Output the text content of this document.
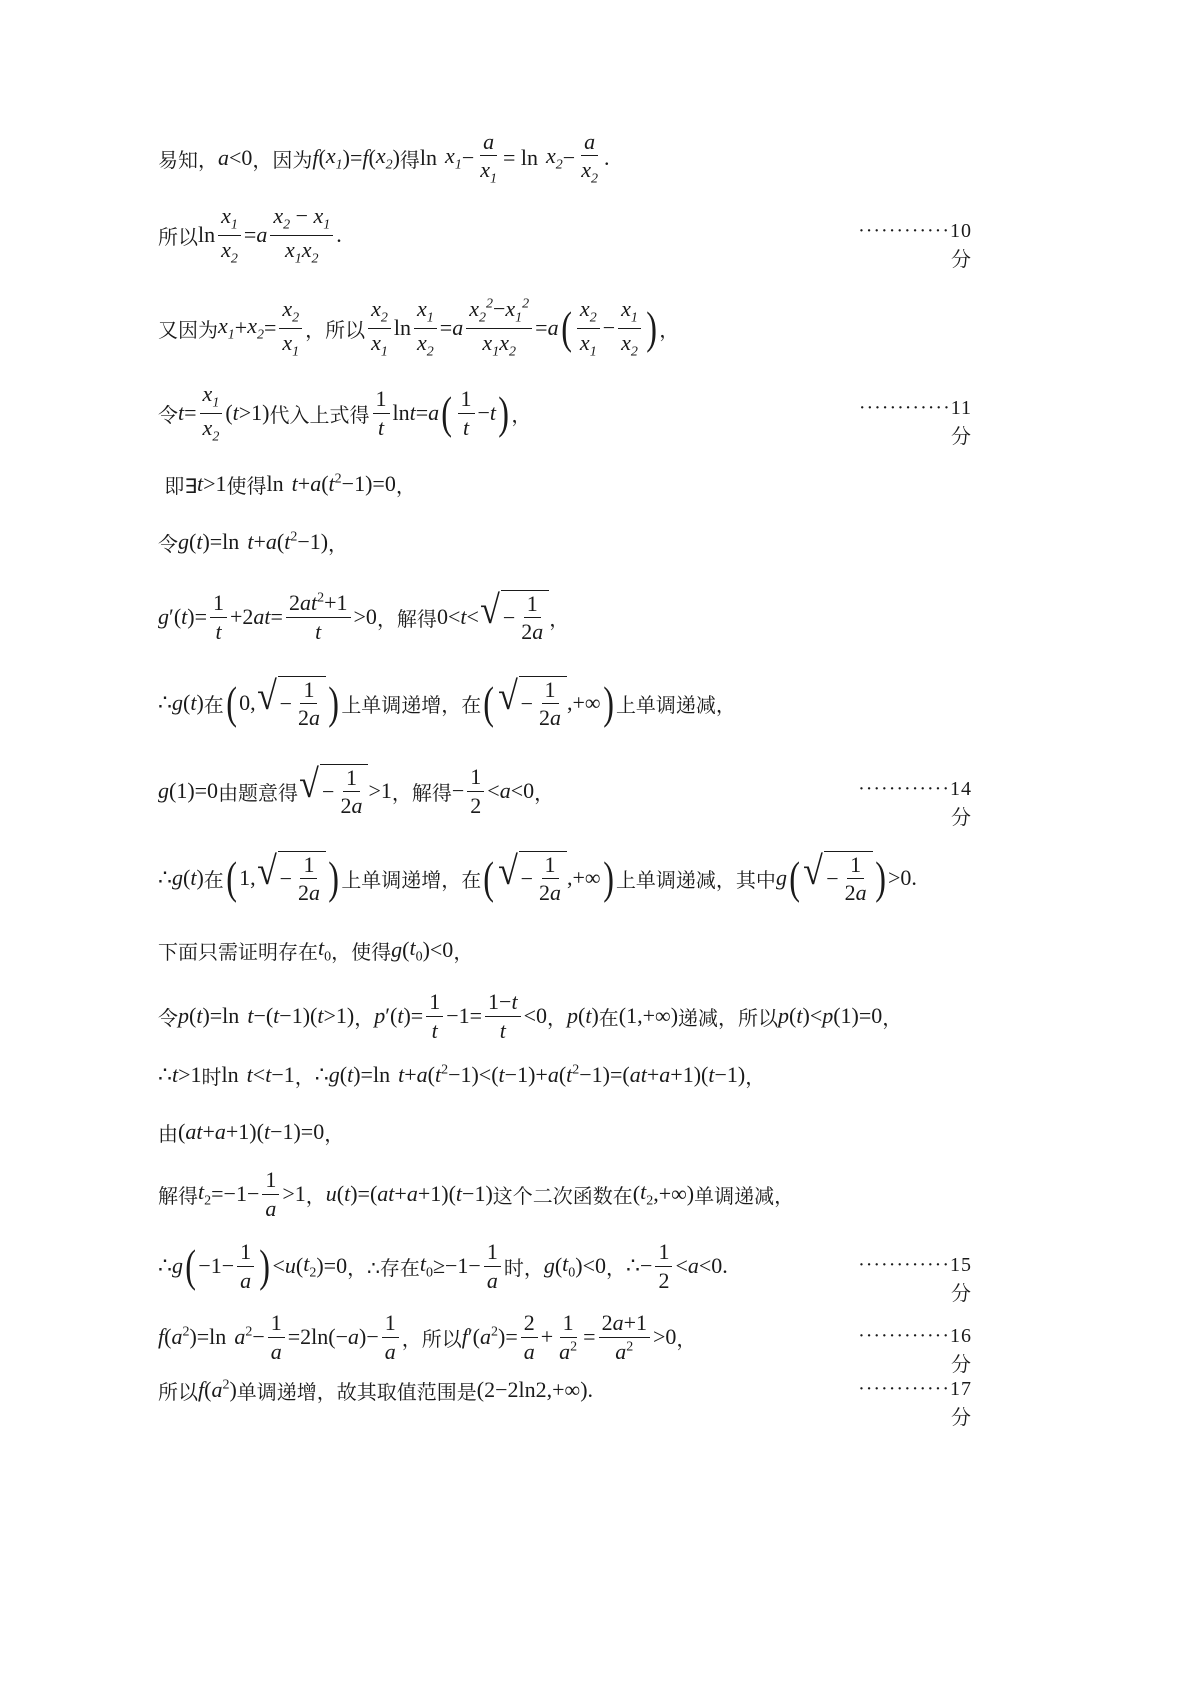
易知， a <0 ，因为 f ( $x_1$ )= f ( $x_2$ ) 得 $\ln x_1 - \frac{a}{x_1} = \ln x_2 - \frac{a}{x_2}$ .
所以 $\ln \frac{x_1}{x_2} = a \frac{x_2 - x_1}{x_1x_2}$ .	············10 分
又因为 $x_1 + x_2 = \frac{x_2}{x_1}$ ，所以 $\frac{x_2}{x_1}$ $\ln \frac{x_1}{x_2} = a \frac{x_2^2-x_1^2}{x_1x_2} = a$ ( $\frac{x_2}{x_1} - \frac{x_1}{x_2}$ ) ，
令 $t = \frac{x_1}{x_2}$ ( t >1) 代入上式得 $\frac{1}{t}$ ln t = a ( $\frac{1}{t} - t$ ) ，	············11 分
即∃ t >1 使得 ln t + a ( $t^2 -1)=0$ ，
令 g ( t )=ln t + a ( $t^2 -1$) ，
g ′( t )= $\frac{1}{t} +2$ at = $\frac{2at^2+1}{t} >0$ ，解得 0< t < √ − $\frac{1}{2a}$ ，
∴ g ( t ) 在 ( 0, √ − $\frac{1}{2a}$ ) 上单调递增，在 ( √ − $\frac{1}{2a}$ ,+∞ ) 上单调递减，
g (1)=0 由题意得 √ − $\frac{1}{2a} >1$ ，解得 − $\frac{1}{2} < a <0$ ，	············14 分
∴ g ( t ) 在 ( 1, √ − $\frac{1}{2a}$ ) 上单调递增，在 ( √ − $\frac{1}{2a}$ ,+∞ ) 上单调递减，其中 g ( √ − $\frac{1}{2a}$ ) >0.
下面只需证明存在 $t_0$ ，使得 g ( $t_0$ )<0 ，
令 p ( t )=ln t −( t −1)( t >1) ， p ′( t )= $\frac{1}{t} -1= \frac{1-t}{t} <0$ ， p ( t ) 在 (1,+∞) 递减，所以 p ( t )< p (1)=0 ，
∴ t >1 时 ln t < t −1 ， ∴ g ( t )=ln t + a ( $t^2 -1)<$( t −1)+ a ( $t^2 -1)=$( at + a +1)( t −1) ，
由 ( at + a +1)( t −1)=0 ，
解得 $t_2 =-1- \frac{1}{a} >1$ ， u ( t )=( at + a +1)( t −1) 这个二次函数在 ( $t_2$ ,+∞) 单调递减，
∴ g ( $-1- \frac{1}{a}$ ) < u ( $t_2$ )=0 ，∴存在 $t_0 \ge-1- \frac{1}{a}$ 时， g ( $t_0$ )<0 ， ∴− $\frac{1}{2} < a <0$.	············15 分
f ( $a^2$ )=ln $a^2 - \frac{1}{a} =2\ln(- a$ )− $\frac{1}{a}$ ，所以 f ′( $a^2$ )= $\frac{2}{a} + \frac{1}{a^2} = \frac{2a+1}{a^2} >0$ ，	············16 分
所以 f ( $a^2$ ) 单调递增，故其取值范围是 (2−2ln2,+∞).	············17 分
